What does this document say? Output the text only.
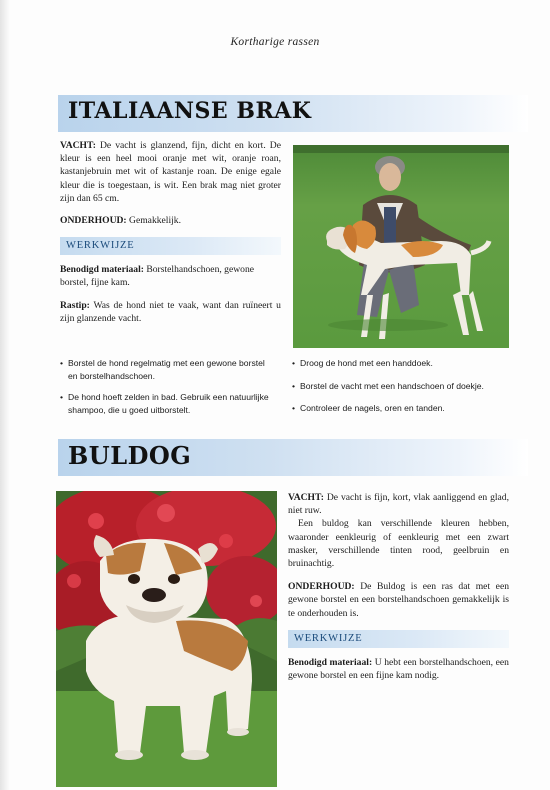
Kortharige rassen
ITALIAANSE BRAK

VACHT: De vacht is glanzend, fijn, dicht en kort. De kleur is een heel mooi oranje met wit, oranje roan, kastanjebruin met wit of kastanje roan. De enige egale kleur die is toegestaan, is wit. Een brak mag niet groter zijn dan 65 cm.

ONDERHOUD: Gemakkelijk.

WERKWIJZE

Benodigd materiaal: Borstelhandschoen, gewone borstel, fijne kam.

Rastip: Was de hond niet te vaak, want dan ruïneert u zijn glanzende vacht.

• Borstel de hond regelmatig met een gewone borstel en borstelhandschoen.
• De hond hoeft zelden in bad. Gebruik een natuurlijke shampoo, die u goed uitborstelt.
• Droog de hond met een handdoek.
• Borstel de vacht met een handschoen of doekje.
• Controleer de nagels, oren en tanden.
BULDOG

VACHT: De vacht is fijn, kort, vlak aanliggend en glad, niet ruw.

Een buldog kan verschillende kleuren hebben, waaronder eenkleurig of eenkleurig met een zwart masker, verschillende tinten rood, geelbruin en bruinachtig.

ONDERHOUD: De Buldog is een ras dat met een gewone borstel en een borstelhandschoen gemakkelijk is te onderhouden is.

WERKWIJZE

Benodigd materiaal: U hebt een borstelhandschoen, een gewone borstel en een fijne kam nodig.
